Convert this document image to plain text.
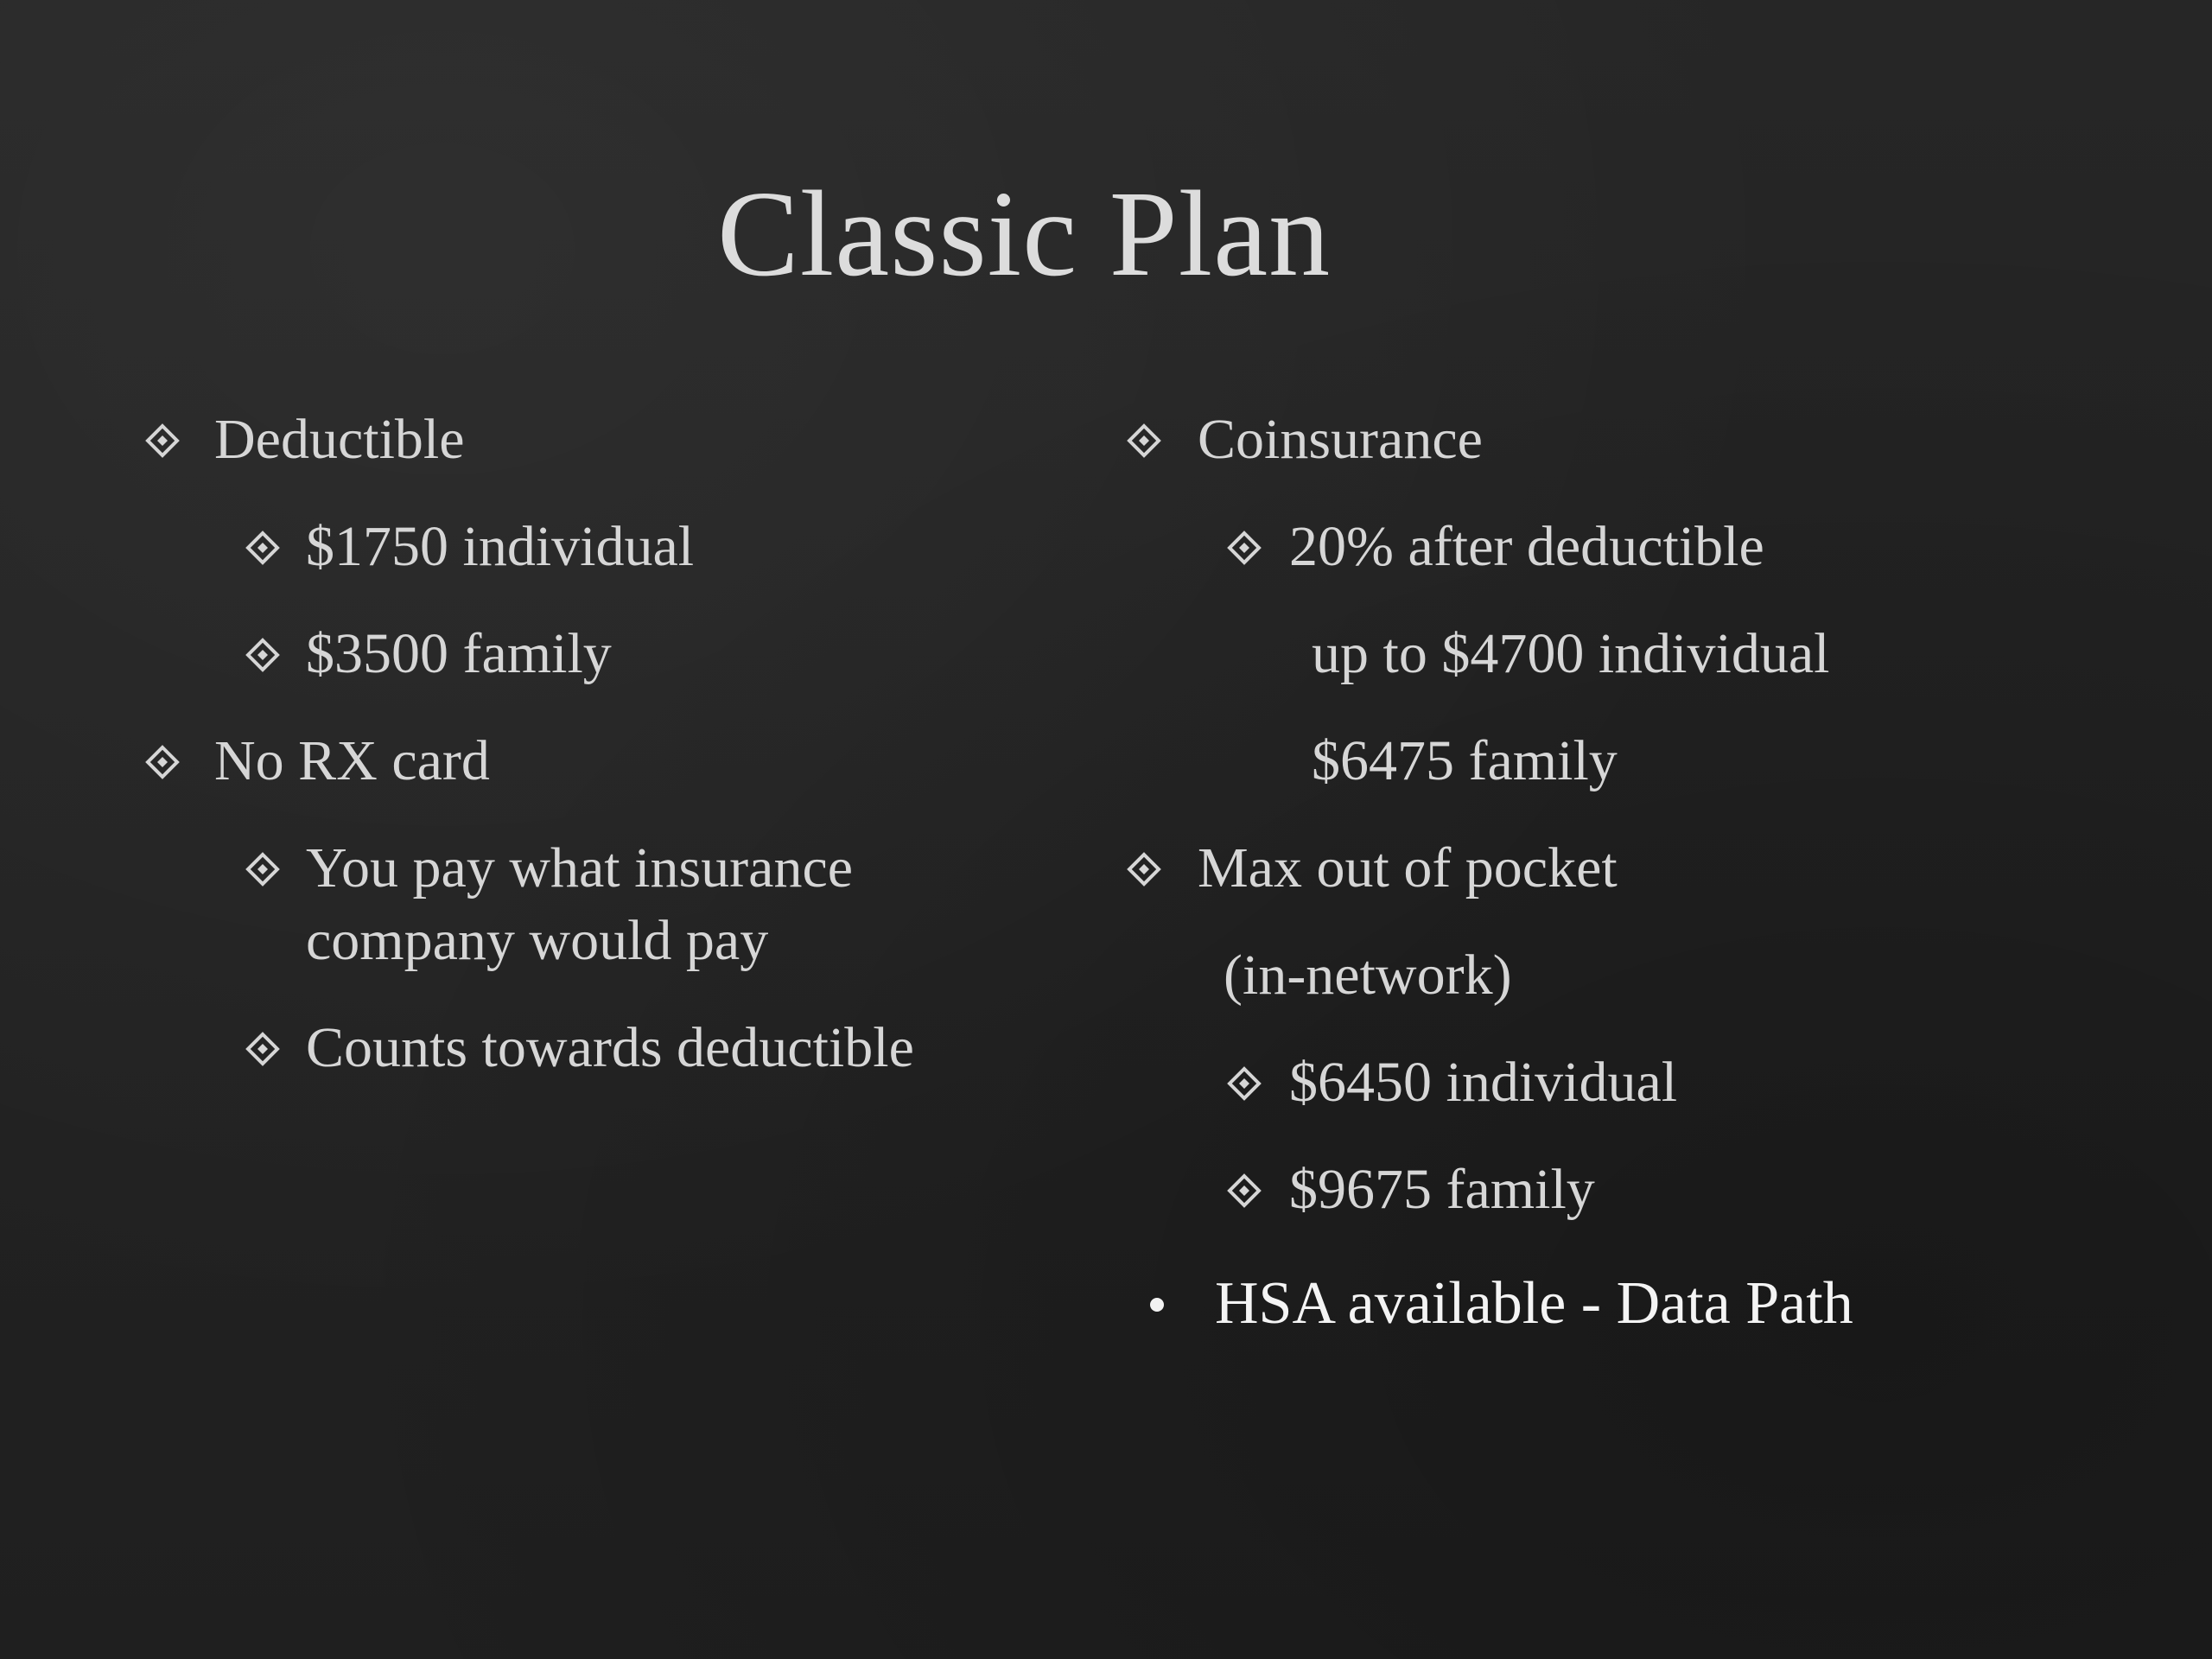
Classic Plan
Deductible
$1750 individual
$3500 family
No RX card
You pay what insurance
company would pay
Counts towards deductible
Coinsurance
20% after deductible
up to $4700 individual
$6475 family
Max out of pocket
(in-network)
$6450 individual
$9675 family
HSA available - Data Path
